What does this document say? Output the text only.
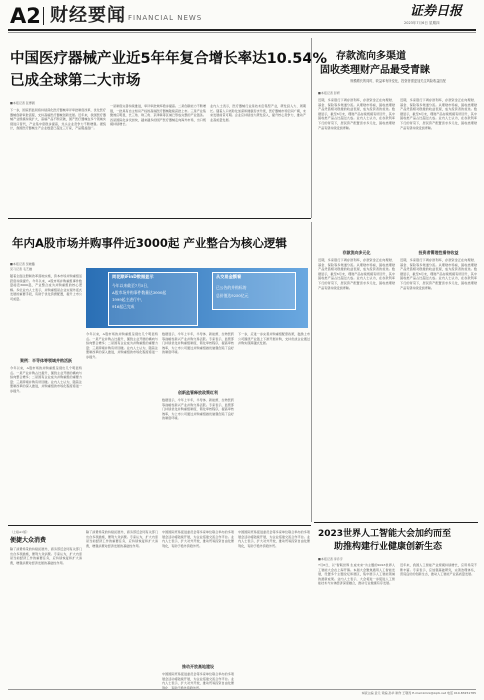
A2 财经要闻 FINANCIAL NEWS	证券日报
2023年7月6日 星期四
中国医疗器械产业近5年年复合增长率达10.54%
已成全球第二大市场
■本报记者 张博朗
下一步，国家药监局将持续深化医疗器械审评审批制度改革，优化医疗器械创新审批流程，支持高端医疗器械创新发展。近年来，我国医疗器械产业规模持续扩大，高端产品不断突破，国产医疗器械在多个领域实现进口替代，产业集中度稳步提高，龙头企业竞争力不断增强。据统计，我国医疗器械生产企业数量已超过三万家，产品覆盖面广。
一是制度完善持续推进，审评审批效率稳步提高。二是创新能力不断增强，一批具有自主知识产权的高端医疗器械陆续获批上市。三是产业集聚效应明显，长三角、珠三角、京津冀等区域已形成完整的产业链条。四是国际化步伐加快，越来越多的国产医疗器械走向海外市场，出口规模持续增长。
业内人士表示，医疗器械行业是技术密集型产业，研发投入大、周期长。随着人口老龄化加深和健康需求升级，医疗器械市场空间广阔，未来发展前景可期。企业应持续加大研发投入，提升核心竞争力，推动产业高质量发展。
存款流向多渠道
固收类理财产品最受青睐
规模增长的同时，收益率有所变化，投资者需更加关注风险收益匹配
■本报记者 彭妍
近期，多家银行下调存款利率，存款资金正在向理财、基金、保险等多渠道分流。从理财市场看，固收类理财产品凭借相对稳健的收益表现，成为投资者的首选。数据显示，截至6月末，理财产品存续规模有所回升，其中固收类产品占比超过九成。业内人士认为，在存款利率下行的背景下，居民资产配置需求多元化，固收类理财产品有望持续受到青睐。
近期，多家银行下调存款利率，存款资金正在向理财、基金、保险等多渠道分流。从理财市场看，固收类理财产品凭借相对稳健的收益表现，成为投资者的首选。数据显示，截至6月末，理财产品存续规模有所回升，其中固收类产品占比超过九成。业内人士认为，在存款利率下行的背景下，居民资产配置需求多元化，固收类理财产品有望持续受到青睐。
存款流向多元化
近期，多家银行下调存款利率，存款资金正在向理财、基金、保险等多渠道分流。从理财市场看，固收类理财产品凭借相对稳健的收益表现，成为投资者的首选。数据显示，截至6月末，理财产品存续规模有所回升，其中固收类产品占比超过九成。业内人士认为，在存款利率下行的背景下，居民资产配置需求多元化，固收类理财产品有望持续受到青睐。
投资者需理性看待收益
近期，多家银行下调存款利率，存款资金正在向理财、基金、保险等多渠道分流。从理财市场看，固收类理财产品凭借相对稳健的收益表现，成为投资者的首选。数据显示，截至6月末，理财产品存续规模有所回升，其中固收类产品占比超过九成。业内人士认为，在存款利率下行的背景下，居民资产配置需求多元化，固收类理财产品有望持续受到青睐。
年内A股市场并购事件近3000起 产业整合为核心逻辑
■本报记者 吴晓璐
见习记者 毛艺融
随着全面注册制改革落地实施，资本市场并购重组活跃度持续提升。今年以来，A股市场并购重组事件数量接近3000起，产业整合成为并购重组的核心逻辑。多位业内人士表示，并购重组是企业实现外延式发展的重要手段，有助于优化资源配置，提升上市公司质量。
案例：半导体等领域并购活跃
今年以来，A股市场的并购重组呈现出几个明显特点。一是产业并购占比提升，围绕主业开展的横向与纵向整合增多；二是国有企业成为并购重组的重要力量；三是跨境并购有所回暖。业内人士认为，随着注册制改革的深入推进，并购重组的市场化程度将进一步提升。
同花顺iFinD数据显示
今年以来截至7月5日，
A股市场并购事件数量达3000起
1999起主进行中，
916起已完成
从交易金额看
已公告的并购标的
总价值达9250亿元
今年以来，A股市场的并购重组呈现出几个明显特点。一是产业并购占比提升，围绕主业开展的横向与纵向整合增多；二是国有企业成为并购重组的重要力量；三是跨境并购有所回暖。业内人士认为，随着注册制改革的深入推进，并购重组的市场化程度将进一步提升。
数据显示，今年上半年，半导体、新能源、生物医药等战略性新兴产业并购交易活跃。专家表示，监管部门持续优化并购重组制度，简化审核程序，提高审核效率，为上市公司通过并购重组做优做强创造了良好的制度环境。
创新监管释放政策红利
数据显示，今年上半年，半导体、新能源、生物医药等战略性新兴产业并购交易活跃。专家表示，监管部门持续优化并购重组制度，简化审核程序，提高审核效率，为上市公司通过并购重组做优做强创造了良好的制度环境。
下一步，应进一步完善并购重组配套政策，鼓励上市公司围绕产业链上下游开展并购，支持优质企业通过并购实现跨越式发展。
2023世界人工智能大会加约而至
助推构建行业健康创新生态
■本报记者 李乔宇
7月6日，以“智联世界 生成未来”为主题的2023世界人工智能大会在上海开幕。本届大会聚焦通用人工智能发展，设置多个主题论坛和展区，集中展示人工智能领域的最新成果。业内人士表示，大会将进一步促进人工智能技术与实体经济深度融合，推动行业健康有序发展。
近年来，我国人工智能产业规模持续增长，应用场景不断丰富。专家表示，应加强基础研究，完善治理体系，营造良好的创新生态，推动人工智能产业高质量发展。
（上接A1版）
便捷大众消费
除了消费场景的持续拓展外，商务部还会同有关部门出台多项措施，便利大众消费。专家认为，扩大内需是当前经济工作的重要任务，应持续恢复和扩大消费，增强消费对经济发展的基础性作用。
除了消费场景的持续拓展外，商务部还会同有关部门出台多项措施，便利大众消费。专家认为，扩大内需是当前经济工作的重要任务，应持续恢复和扩大消费，增强消费对经济发展的基础性作用。
中国国际贸易促进委员会等多家单位联合举办的多项展会活动将陆续开展，为企业搭建交流合作平台。业内人士表示，扩大对外开放，推动贸易投资自由化便利化，有助于稳外资稳外贸。
推动开放高地建设
中国国际贸易促进委员会等多家单位联合举办的多项展会活动将陆续开展，为企业搭建交流合作平台。业内人士表示，扩大对外开放，推动贸易投资自由化便利化，有助于稳外资稳外贸。
中国国际贸易促进委员会等多家单位联合举办的多项展会活动将陆续开展，为企业搭建交流合作平台。业内人士表示，扩大对外开放，推动贸易投资自由化便利化，有助于稳外资稳外贸。
本版主编 袁元 责编 孙华 制作 王敬涛 E-mail:zmzx@zqrb.net 电话 010-83251785
